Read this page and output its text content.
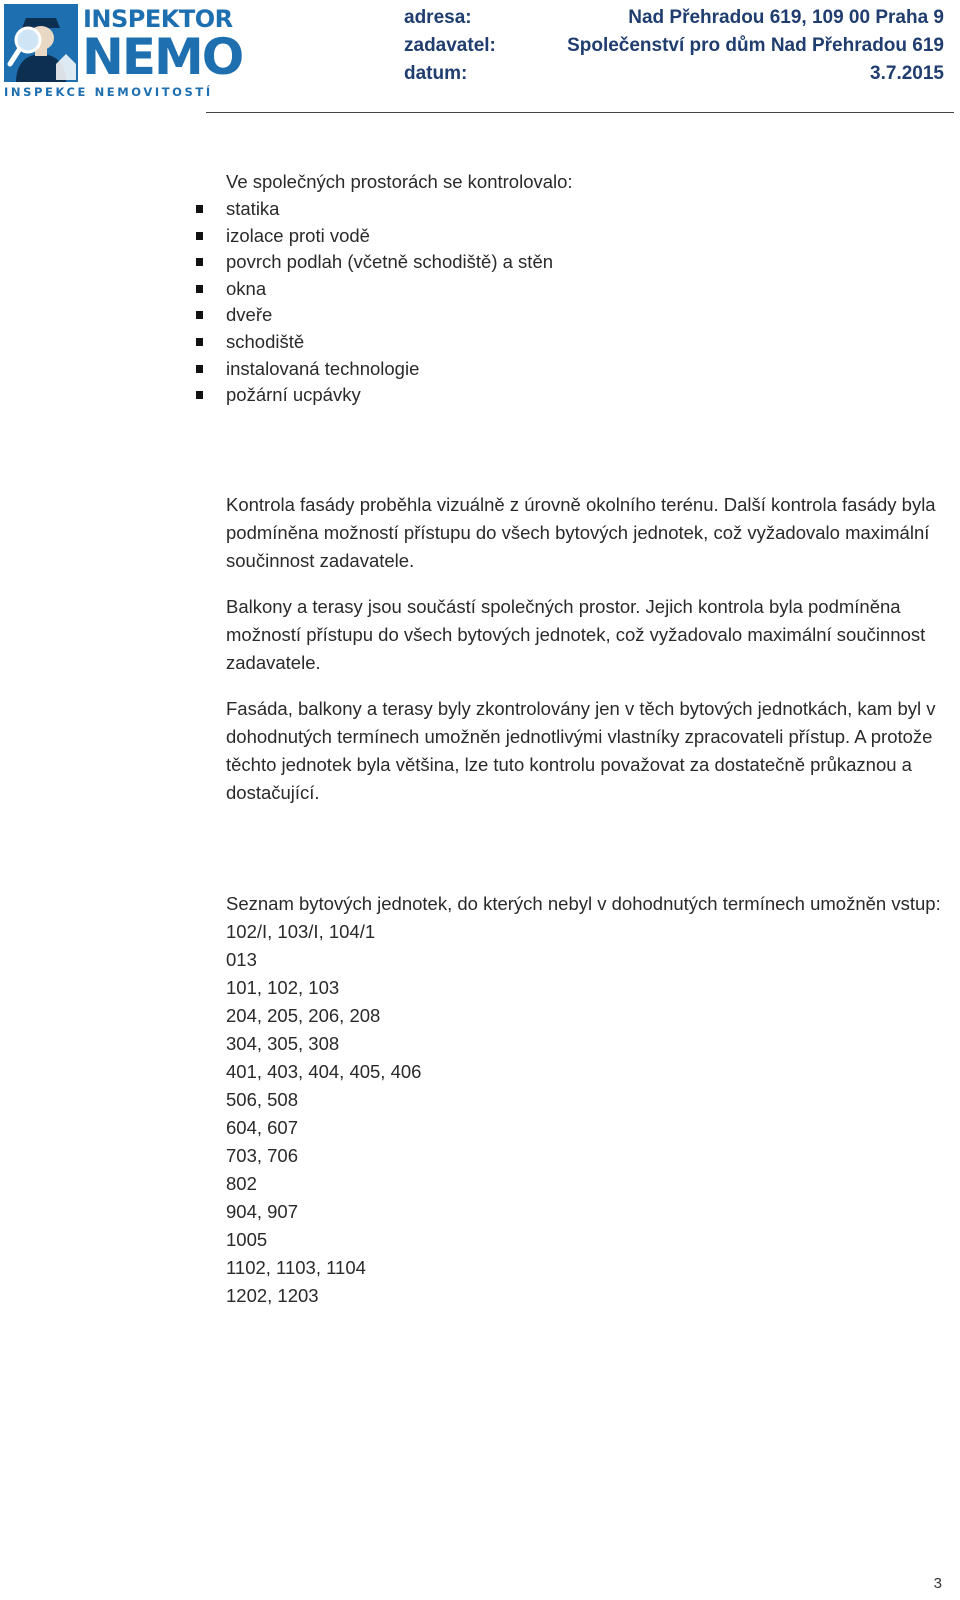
INSPEKTOR
NEMO
INSPEKCE NEMOVITOSTÍ
adresa:	Nad Přehradou 619, 109 00 Praha 9
zadavatel:	Společenství pro dům Nad Přehradou 619
datum:	3.7.2015
Ve společných prostorách se kontrolovalo:
statika
izolace proti vodě
povrch podlah (včetně schodiště) a stěn
okna
dveře
schodiště
instalovaná technologie
požární ucpávky

Kontrola fasády proběhla vizuálně z úrovně okolního terénu. Další kontrola fasády byla podmíněna možností přístupu do všech bytových jednotek, což vyžadovalo maximální součinnost zadavatele.

Balkony a terasy jsou součástí společných prostor. Jejich kontrola byla podmíněna možností přístupu do všech bytových jednotek, což vyžadovalo maximální součinnost zadavatele.

Fasáda, balkony a terasy byly zkontrolovány jen v těch bytových jednotkách, kam byl v dohodnutých termínech umožněn jednotlivými vlastníky zpracovateli přístup. A protože těchto jednotek byla většina, lze tuto kontrolu považovat za dostatečně průkaznou a dostačující.

Seznam bytových jednotek, do kterých nebyl v dohodnutých termínech umožněn vstup:

102/I, 103/I, 104/1
013
101, 102, 103
204, 205, 206, 208
304, 305, 308
401, 403, 404, 405, 406
506, 508
604, 607
703, 706
802
904, 907
1005
1102, 1103, 1104
1202, 1203
3
